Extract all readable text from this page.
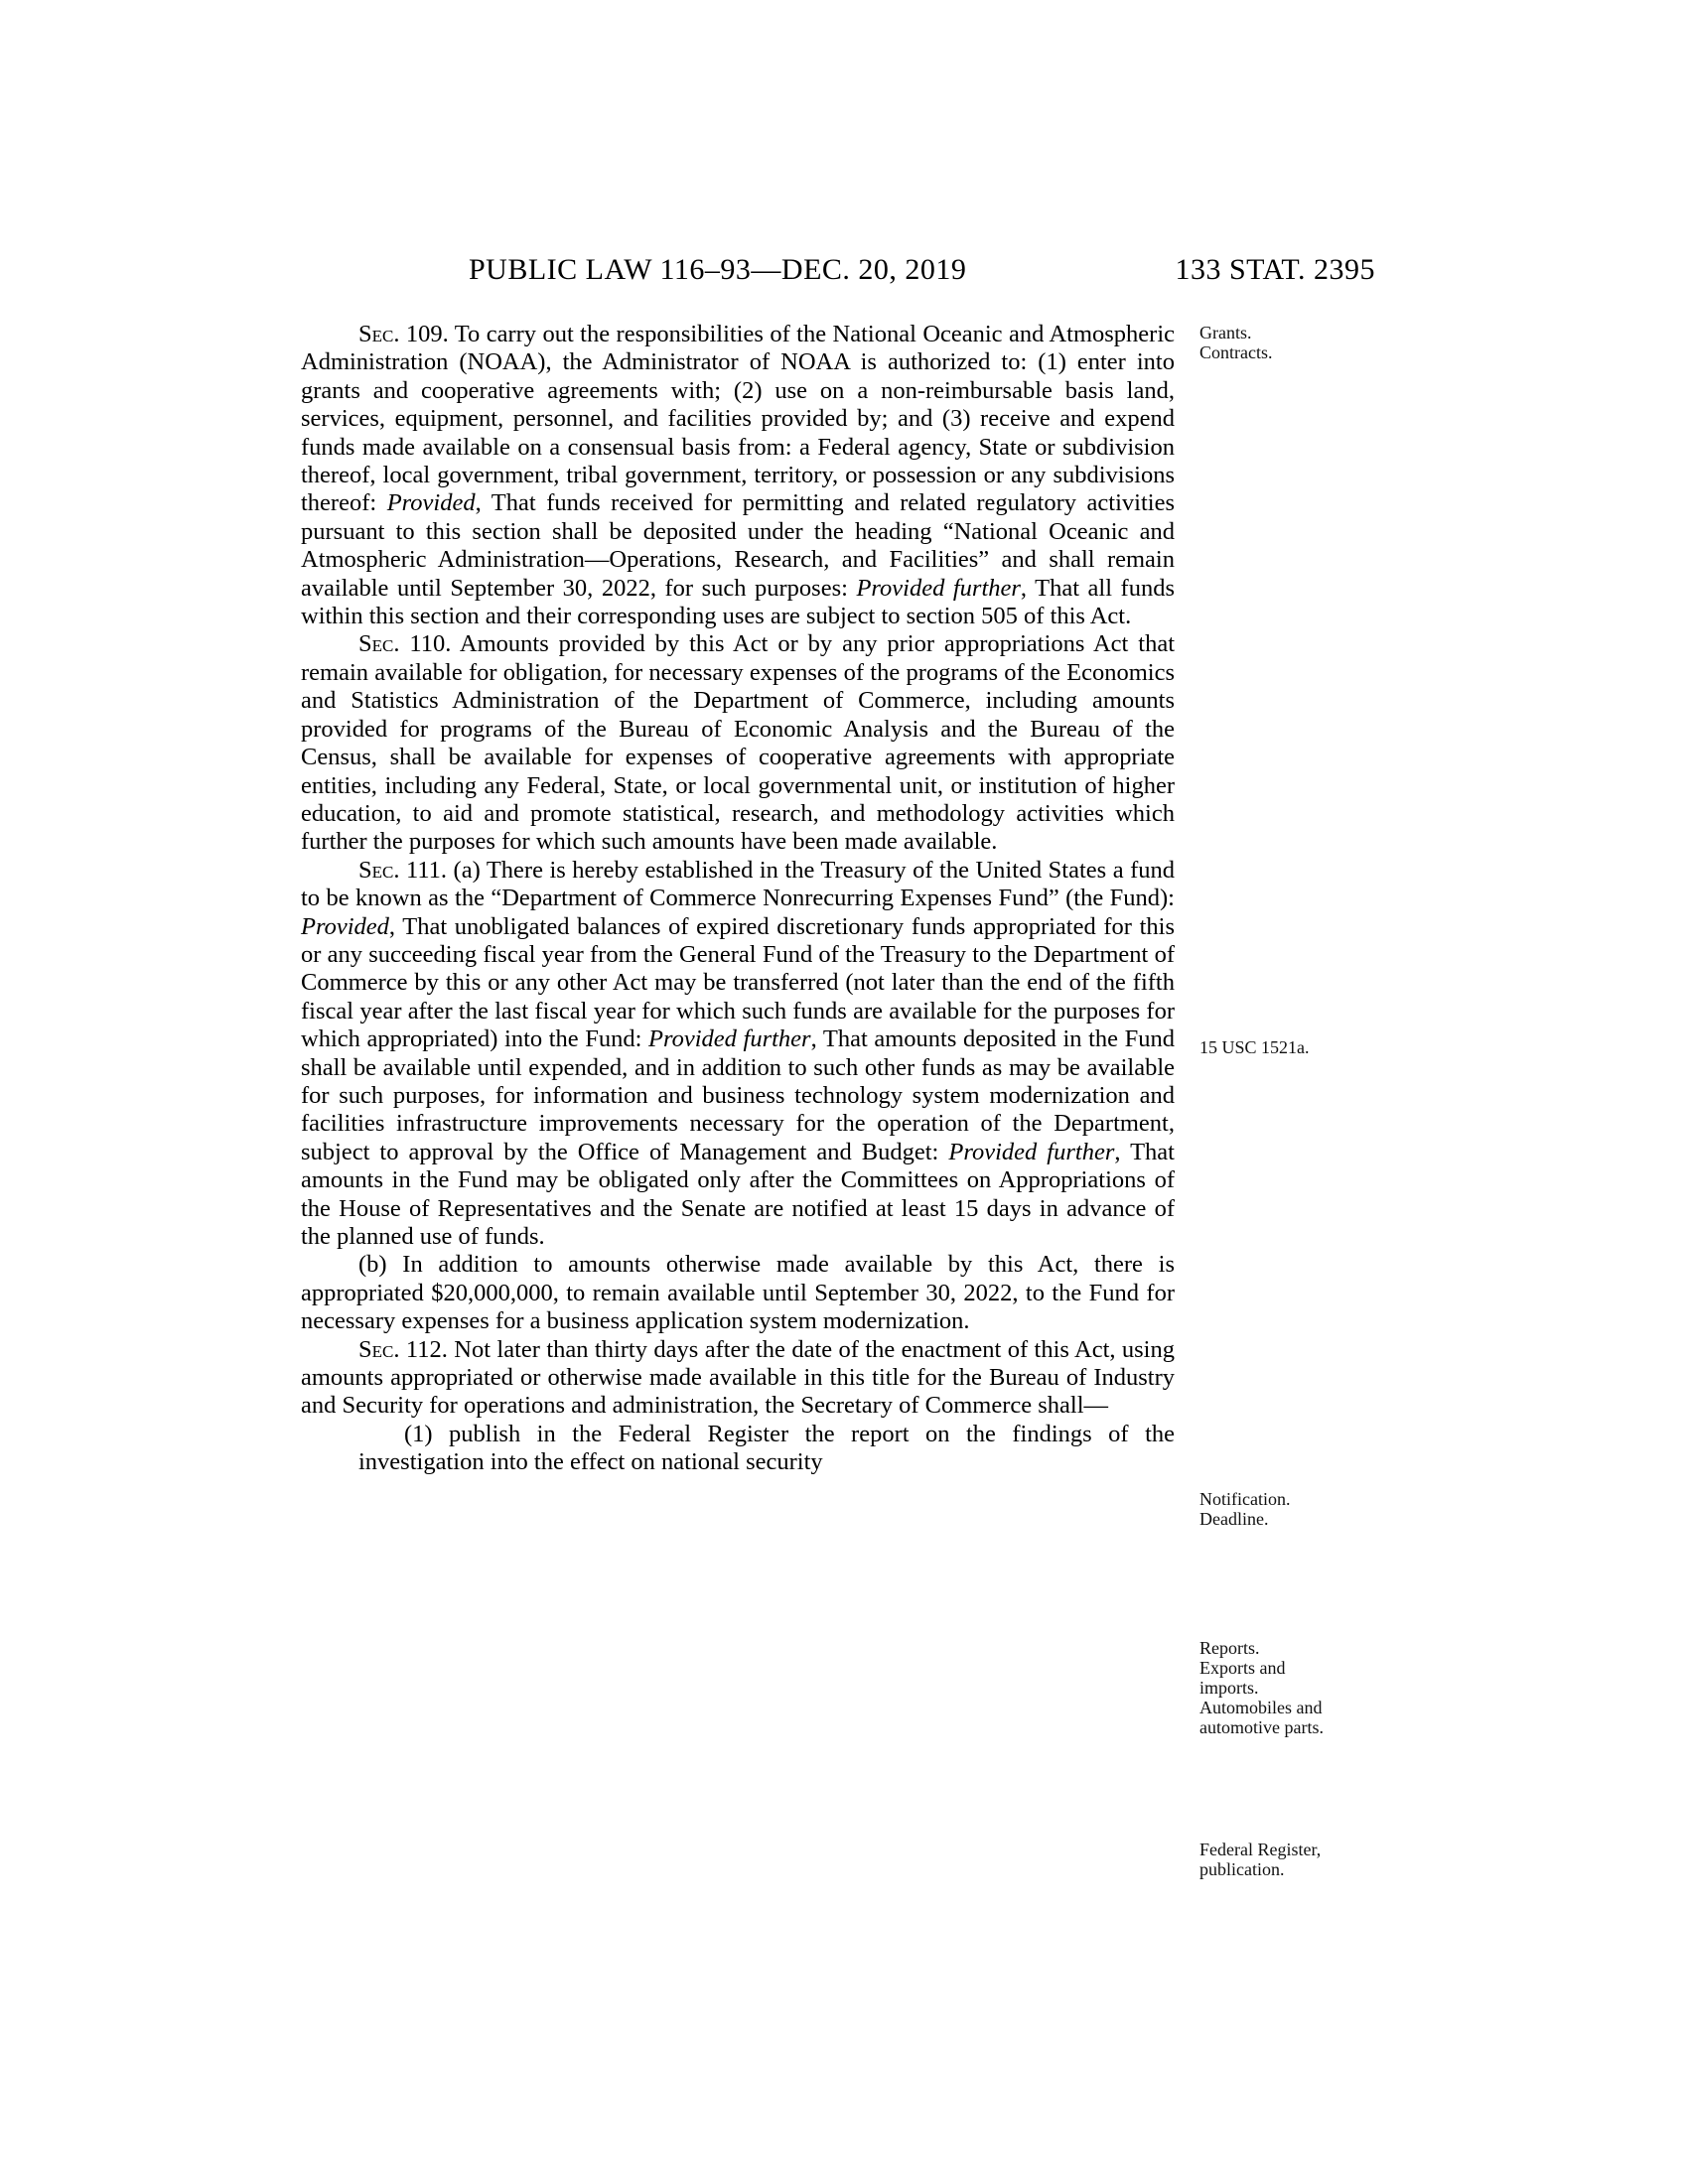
PUBLIC LAW 116–93—DEC. 20, 2019	133 STAT. 2395

Sec. 109. To carry out the responsibilities of the National Oceanic and Atmospheric Administration (NOAA), the Administrator of NOAA is authorized to: (1) enter into grants and cooperative agreements with; (2) use on a non-reimbursable basis land, services, equipment, personnel, and facilities provided by; and (3) receive and expend funds made available on a consensual basis from: a Federal agency, State or subdivision thereof, local government, tribal government, territory, or possession or any subdivisions thereof: Provided, That funds received for permitting and related regulatory activities pursuant to this section shall be deposited under the heading “National Oceanic and Atmospheric Administration—Operations, Research, and Facilities” and shall remain available until September 30, 2022, for such purposes: Provided further, That all funds within this section and their corresponding uses are subject to section 505 of this Act.

Sec. 110. Amounts provided by this Act or by any prior appropriations Act that remain available for obligation, for necessary expenses of the programs of the Economics and Statistics Administration of the Department of Commerce, including amounts provided for programs of the Bureau of Economic Analysis and the Bureau of the Census, shall be available for expenses of cooperative agreements with appropriate entities, including any Federal, State, or local governmental unit, or institution of higher education, to aid and promote statistical, research, and methodology activities which further the purposes for which such amounts have been made available.

Sec. 111. (a) There is hereby established in the Treasury of the United States a fund to be known as the “Department of Commerce Nonrecurring Expenses Fund” (the Fund): Provided, That unobligated balances of expired discretionary funds appropriated for this or any succeeding fiscal year from the General Fund of the Treasury to the Department of Commerce by this or any other Act may be transferred (not later than the end of the fifth fiscal year after the last fiscal year for which such funds are available for the purposes for which appropriated) into the Fund: Provided further, That amounts deposited in the Fund shall be available until expended, and in addition to such other funds as may be available for such purposes, for information and business technology system modernization and facilities infrastructure improvements necessary for the operation of the Department, subject to approval by the Office of Management and Budget: Provided further, That amounts in the Fund may be obligated only after the Committees on Appropriations of the House of Representatives and the Senate are notified at least 15 days in advance of the planned use of funds.

(b) In addition to amounts otherwise made available by this Act, there is appropriated $20,000,000, to remain available until September 30, 2022, to the Fund for necessary expenses for a business application system modernization.

Sec. 112. Not later than thirty days after the date of the enactment of this Act, using amounts appropriated or otherwise made available in this title for the Bureau of Industry and Security for operations and administration, the Secretary of Commerce shall—

(1) publish in the Federal Register the report on the findings of the investigation into the effect on national security

Grants.
Contracts.
15 USC 1521a.
Notification.
Deadline.
Reports.
Exports and
imports.
Automobiles and
automotive parts.
Federal Register,
publication.
